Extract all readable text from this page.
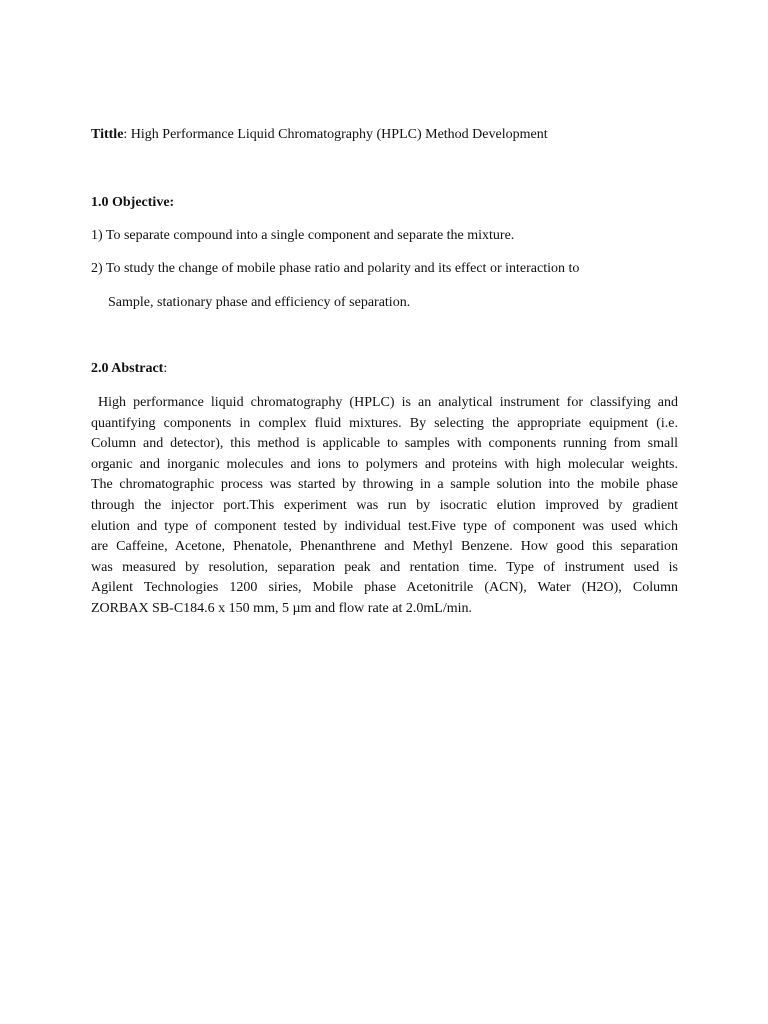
Tittle: High Performance Liquid Chromatography (HPLC) Method Development
1.0 Objective:
1) To separate compound into a single component and separate the mixture.
2) To study the change of mobile phase ratio and polarity and its effect or interaction to
Sample, stationary phase and efficiency of separation.
2.0 Abstract:
High performance liquid chromatography (HPLC) is an analytical instrument for classifying and
quantifying components in complex fluid mixtures. By selecting the appropriate equipment (i.e.
Column and detector), this method is applicable to samples with components running from small
organic and inorganic molecules and ions to polymers and proteins with high molecular weights.
The chromatographic process was started by throwing in a sample solution into the mobile phase
through the injector port.This experiment was run by isocratic elution improved by gradient
elution and type of component tested by individual test.Five type of component was used which
are Caffeine, Acetone, Phenatole, Phenanthrene and Methyl Benzene. How good this separation
was measured by resolution, separation peak and rentation time. Type of instrument used is
Agilent Technologies 1200 siries, Mobile phase Acetonitrile (ACN), Water (H2O), Column
ZORBAX SB-C184.6 x 150 mm, 5 µm and flow rate at 2.0mL/min.
